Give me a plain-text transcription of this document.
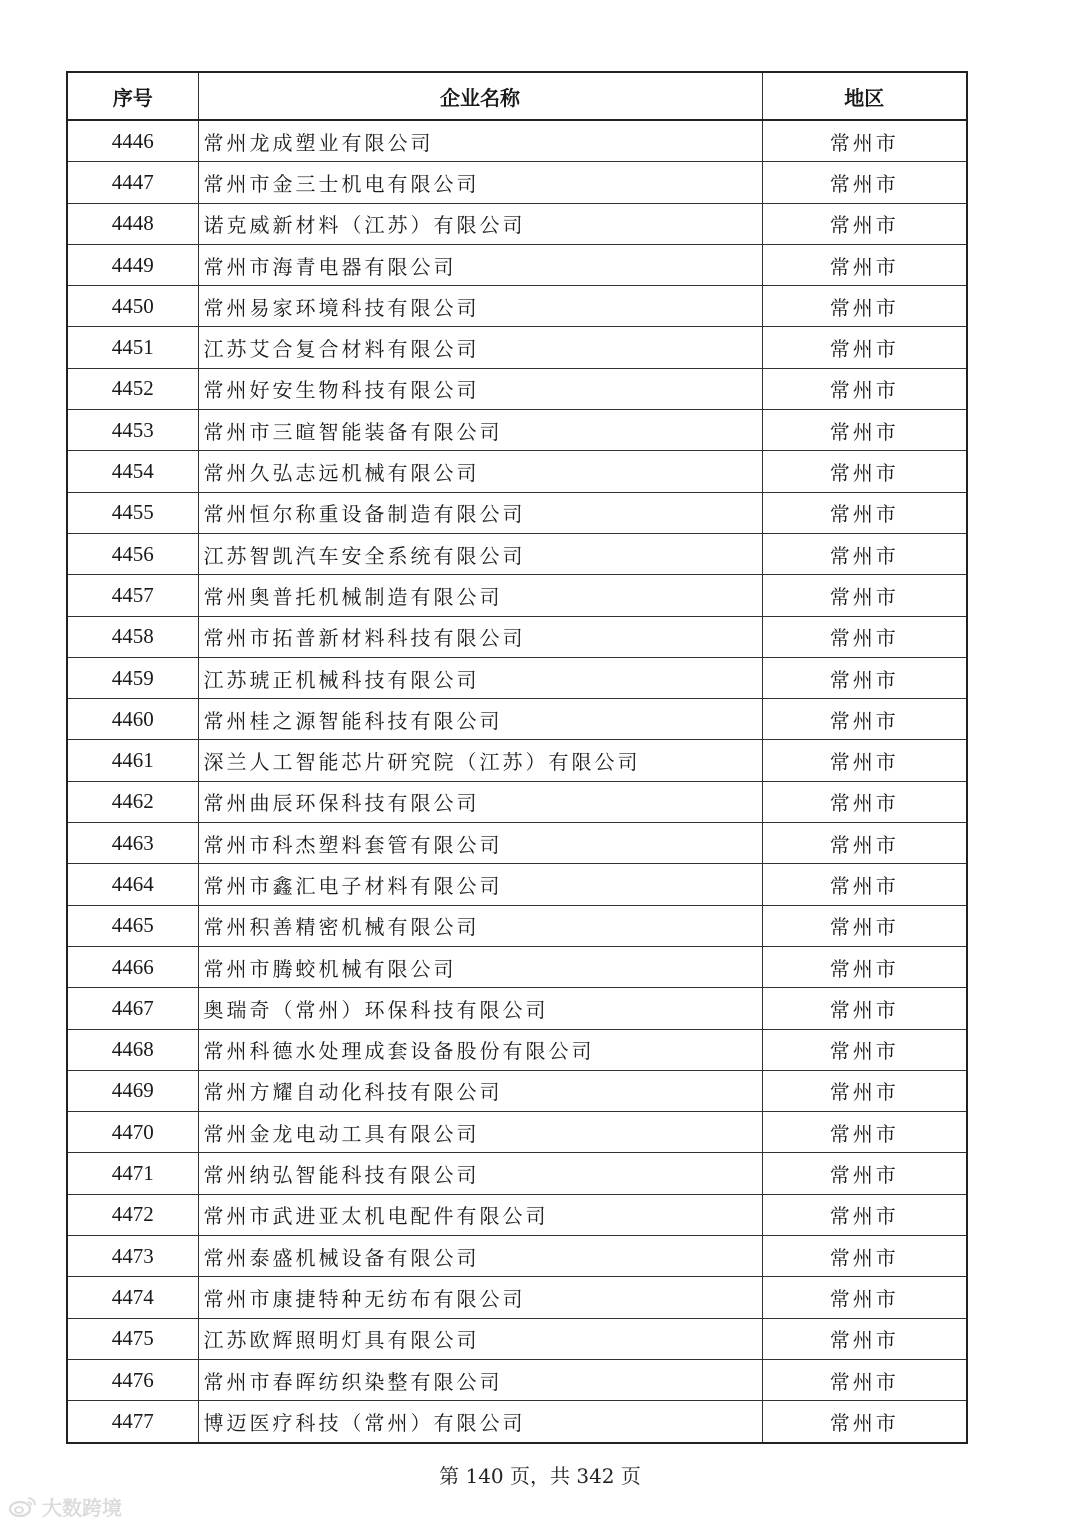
序号	企业名称	地区
4446	常州龙成塑业有限公司	常州市
4447	常州市金三士机电有限公司	常州市
4448	诺克威新材料（江苏）有限公司	常州市
4449	常州市海青电器有限公司	常州市
4450	常州易家环境科技有限公司	常州市
4451	江苏艾合复合材料有限公司	常州市
4452	常州好安生物科技有限公司	常州市
4453	常州市三暄智能装备有限公司	常州市
4454	常州久弘志远机械有限公司	常州市
4455	常州恒尔称重设备制造有限公司	常州市
4456	江苏智凯汽车安全系统有限公司	常州市
4457	常州奥普托机械制造有限公司	常州市
4458	常州市拓普新材料科技有限公司	常州市
4459	江苏琥正机械科技有限公司	常州市
4460	常州桂之源智能科技有限公司	常州市
4461	深兰人工智能芯片研究院（江苏）有限公司	常州市
4462	常州曲辰环保科技有限公司	常州市
4463	常州市科杰塑料套管有限公司	常州市
4464	常州市鑫汇电子材料有限公司	常州市
4465	常州积善精密机械有限公司	常州市
4466	常州市腾蛟机械有限公司	常州市
4467	奥瑞奇（常州）环保科技有限公司	常州市
4468	常州科德水处理成套设备股份有限公司	常州市
4469	常州方耀自动化科技有限公司	常州市
4470	常州金龙电动工具有限公司	常州市
4471	常州纳弘智能科技有限公司	常州市
4472	常州市武进亚太机电配件有限公司	常州市
4473	常州泰盛机械设备有限公司	常州市
4474	常州市康捷特种无纺布有限公司	常州市
4475	江苏欧辉照明灯具有限公司	常州市
4476	常州市春晖纺织染整有限公司	常州市
4477	博迈医疗科技（常州）有限公司	常州市
第 140 页，共 342 页
大数跨境
